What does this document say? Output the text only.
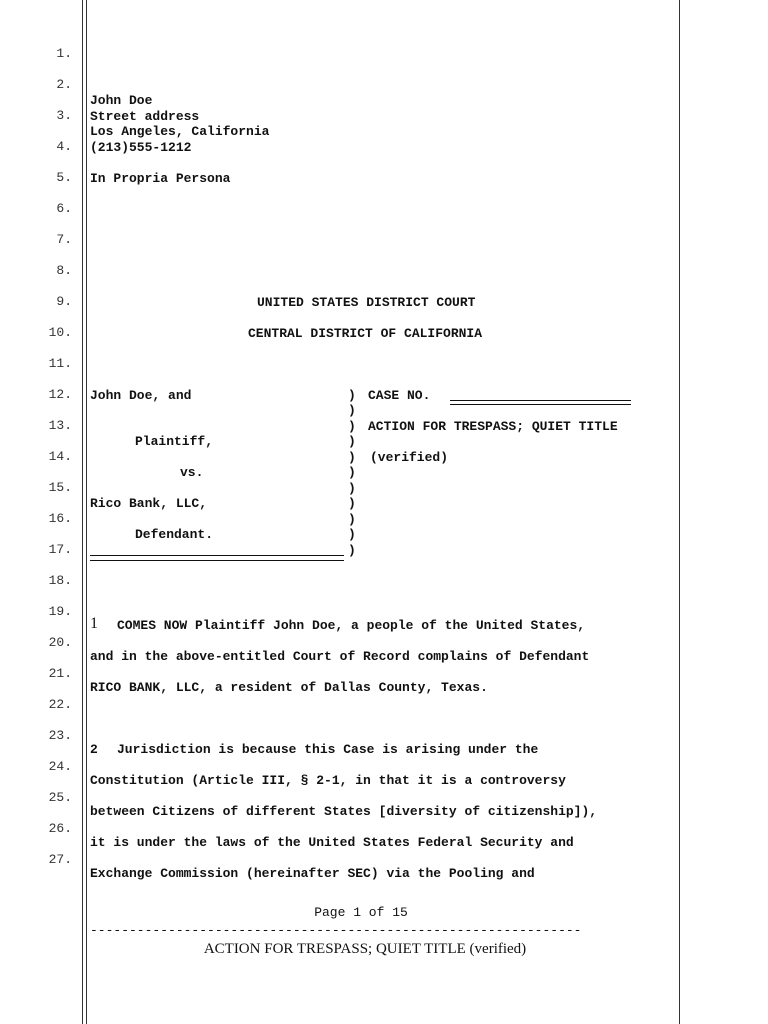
1.
2.
3.
4.
5.
6.
7.
8.
9.
10.
11.
12.
13.
14.
15.
16.
17.
18.
19.
20.
21.
22.
23.
24.
25.
26.
27.
John Doe
Street address
Los Angeles, California
(213)555-1212
In Propria Persona
UNITED STATES DISTRICT COURT
CENTRAL DISTRICT OF CALIFORNIA
John Doe, and
Plaintiff,
vs.
Rico Bank, LLC,
Defendant.
)
)
)
)
)
)
)
)
)
)
)
CASE NO.
ACTION FOR TRESPASS; QUIET TITLE
(verified)
1 COMES NOW Plaintiff John Doe, a people of the United States,
and in the above-entitled Court of Record complains of Defendant
RICO BANK, LLC, a resident of Dallas County, Texas.
2 Jurisdiction is because this Case is arising under the
Constitution (Article III, § 2-1, in that it is a controversy
between Citizens of different States [diversity of citizenship]),
it is under the laws of the United States Federal Security and
Exchange Commission (hereinafter SEC) via the Pooling and
Page 1 of 15
---------------------------------------------------------------
ACTION FOR TRESPASS; QUIET TITLE (verified)
